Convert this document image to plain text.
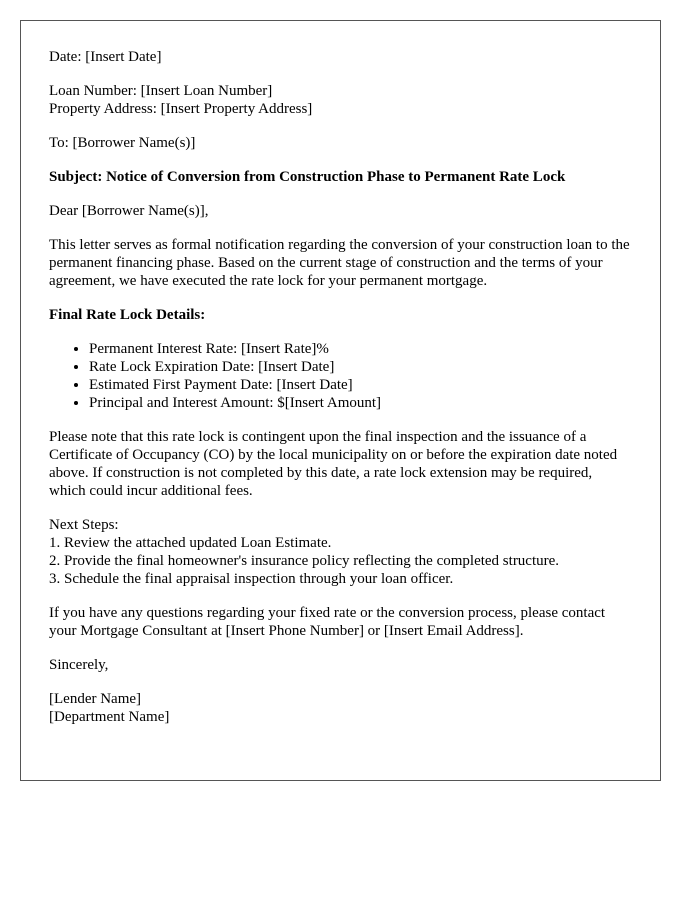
Date: [Insert Date]

Loan Number: [Insert Loan Number]
Property Address: [Insert Property Address]

To: [Borrower Name(s)]

Subject: Notice of Conversion from Construction Phase to Permanent Rate Lock

Dear [Borrower Name(s)],

This letter serves as formal notification regarding the conversion of your construction loan to the permanent financing phase. Based on the current stage of construction and the terms of your agreement, we have executed the rate lock for your permanent mortgage.

Final Rate Lock Details:

• Permanent Interest Rate: [Insert Rate]%
• Rate Lock Expiration Date: [Insert Date]
• Estimated First Payment Date: [Insert Date]
• Principal and Interest Amount: $[Insert Amount]

Please note that this rate lock is contingent upon the final inspection and the issuance of a Certificate of Occupancy (CO) by the local municipality on or before the expiration date noted above. If construction is not completed by this date, a rate lock extension may be required, which could incur additional fees.

Next Steps:
1. Review the attached updated Loan Estimate.
2. Provide the final homeowner's insurance policy reflecting the completed structure.
3. Schedule the final appraisal inspection through your loan officer.

If you have any questions regarding your fixed rate or the conversion process, please contact your Mortgage Consultant at [Insert Phone Number] or [Insert Email Address].

Sincerely,

[Lender Name]
[Department Name]
